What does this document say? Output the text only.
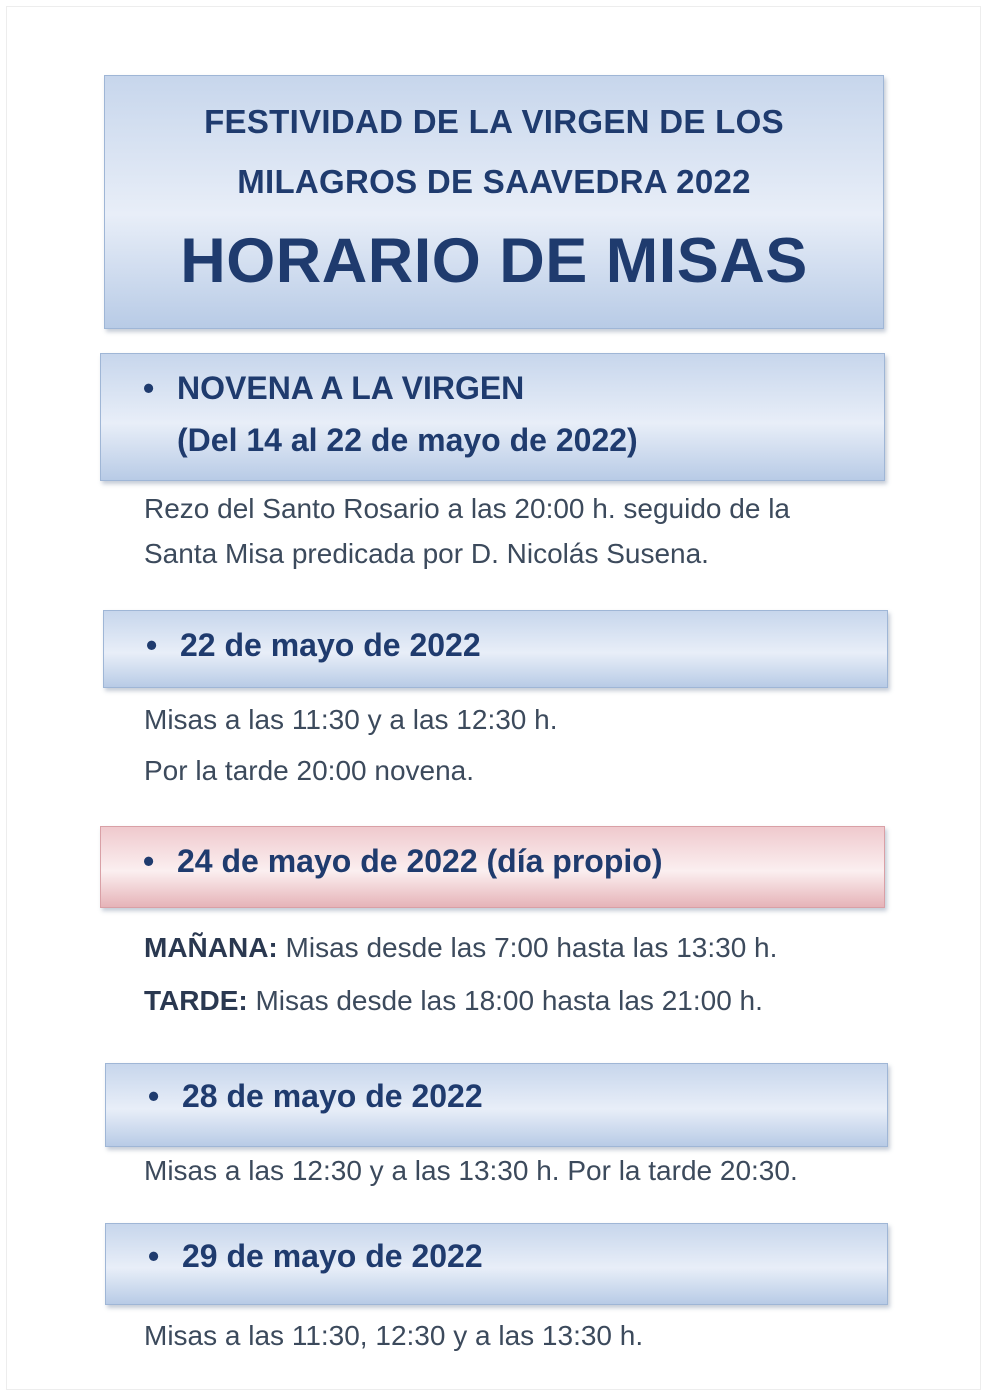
FESTIVIDAD DE LA VIRGEN DE LOS
MILAGROS DE SAAVEDRA 2022
HORARIO DE MISAS
• NOVENA A LA VIRGEN
(Del 14 al 22 de mayo de 2022)
Rezo del Santo Rosario a las 20:00 h. seguido de la
Santa Misa predicada por D. Nicolás Susena.
• 22 de mayo de 2022
Misas a las 11:30 y a las 12:30 h.
Por la tarde 20:00 novena.
• 24 de mayo de 2022 (día propio)
MAÑANA: Misas desde las 7:00 hasta las 13:30 h.
TARDE: Misas desde las 18:00 hasta las 21:00 h.
• 28 de mayo de 2022
Misas a las 12:30 y a las 13:30 h. Por la tarde 20:30.
• 29 de mayo de 2022
Misas a las 11:30, 12:30 y a las 13:30 h.
